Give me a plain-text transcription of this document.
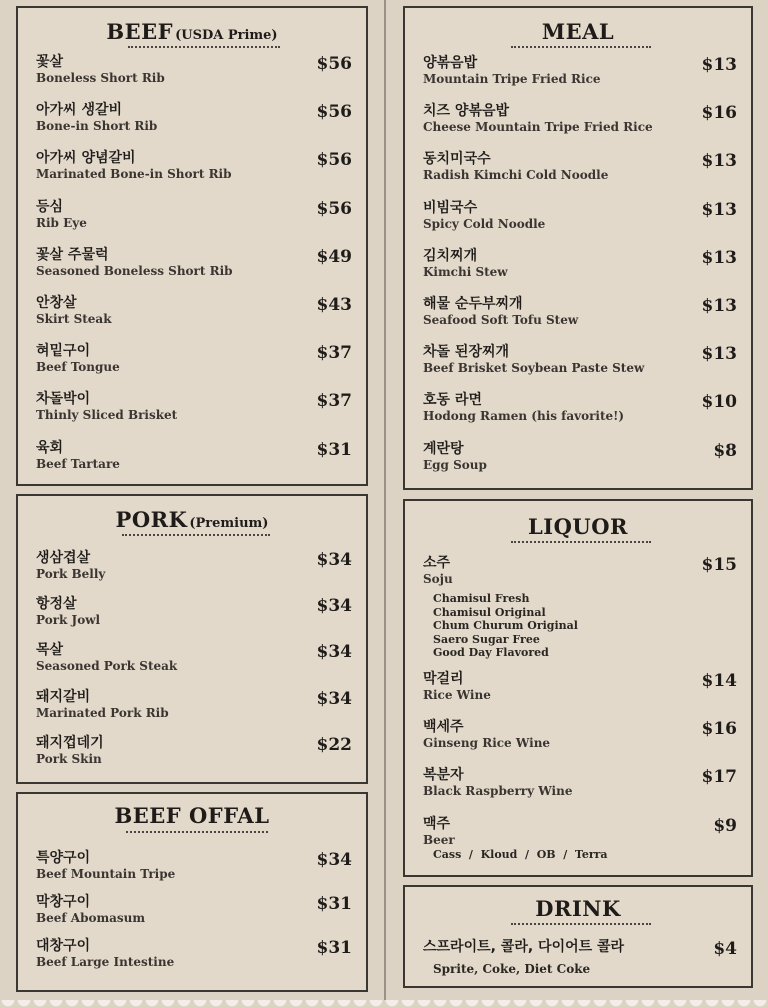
BEEF (USDA Prime)
꽃살
Boneless Short Rib
$56
아가씨 생갈비
Bone-in Short Rib
$56
아가씨 양념갈비
Marinated Bone-in Short Rib
$56
등심
Rib Eye
$56
꽃살 주물럭
Seasoned Boneless Short Rib
$49
안창살
Skirt Steak
$43
혀밑구이
Beef Tongue
$37
차돌박이
Thinly Sliced Brisket
$37
육회
Beef Tartare
$31
PORK (Premium)
생삼겹살
Pork Belly
$34
항정살
Pork Jowl
$34
목살
Seasoned Pork Steak
$34
돼지갈비
Marinated Pork Rib
$34
돼지껍데기
Pork Skin
$22
BEEF OFFAL
특양구이
Beef Mountain Tripe
$34
막창구이
Beef Abomasum
$31
대창구이
Beef Large Intestine
$31
MEAL
양볶음밥
Mountain Tripe Fried Rice
$13
치즈 양볶음밥
Cheese Mountain Tripe Fried Rice
$16
동치미국수
Radish Kimchi Cold Noodle
$13
비빔국수
Spicy Cold Noodle
$13
김치찌개
Kimchi Stew
$13
해물 순두부찌개
Seafood Soft Tofu Stew
$13
차돌 된장찌개
Beef Brisket Soybean Paste Stew
$13
호동 라면
Hodong Ramen (his favorite!)
$10
계란탕
Egg Soup
$8
LIQUOR
소주
Soju
$15
Chamisul Fresh
Chamisul Original
Chum Churum Original
Saero Sugar Free
Good Day Flavored
막걸리
Rice Wine
$14
백세주
Ginseng Rice Wine
$16
복분자
Black Raspberry Wine
$17
맥주
Beer
$9
Cass  /  Kloud  /  OB  /  Terra
DRINK
스프라이트, 콜라, 다이어트 콜라	$4
Sprite, Coke, Diet Coke
